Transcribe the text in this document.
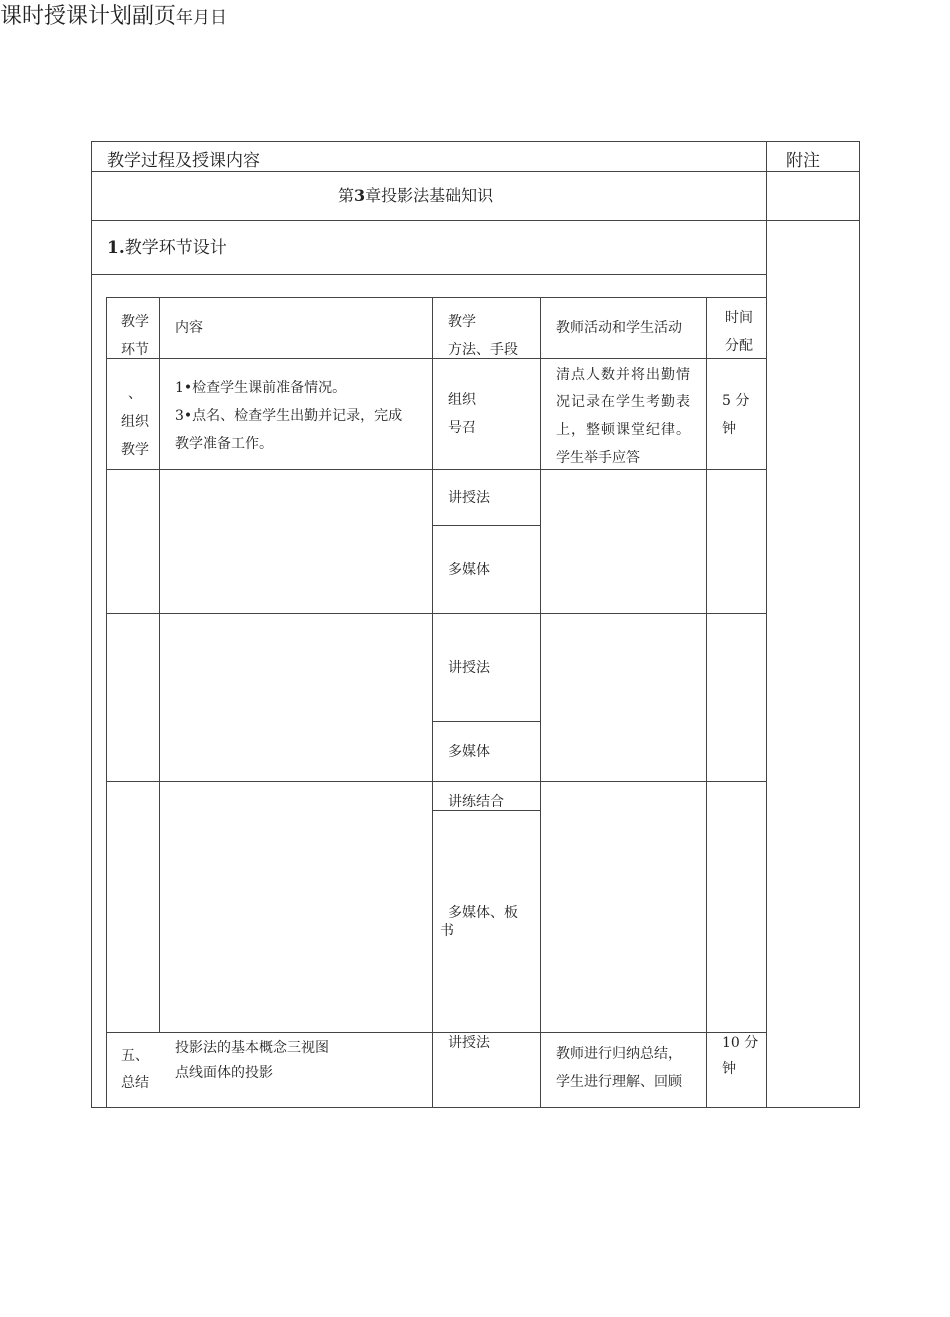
课时授课计划副页年月日
教学过程及授课内容	附注
第3章投影法基础知识
1.教学环节设计
教学
环节
内容	教学
方法、手段
教师活动和学生活动
时间
分配
、
组织
教学
1•检查学生课前准备情况。
3•点名、检查学生出勤并记录，完成
教学准备工作。
组织
号召
清点人数并将出勤情
况记录在学生考勤表
上，整顿课堂纪律。
学生举手应答
5 分
钟
讲授法
多媒体
讲授法
多媒体
讲练结合
多媒体、板
书
五、
总结
投影法的基本概念三视图
点线面体的投影
讲授法
教师进行归纳总结，
学生进行理解、回顾
10 分
钟
